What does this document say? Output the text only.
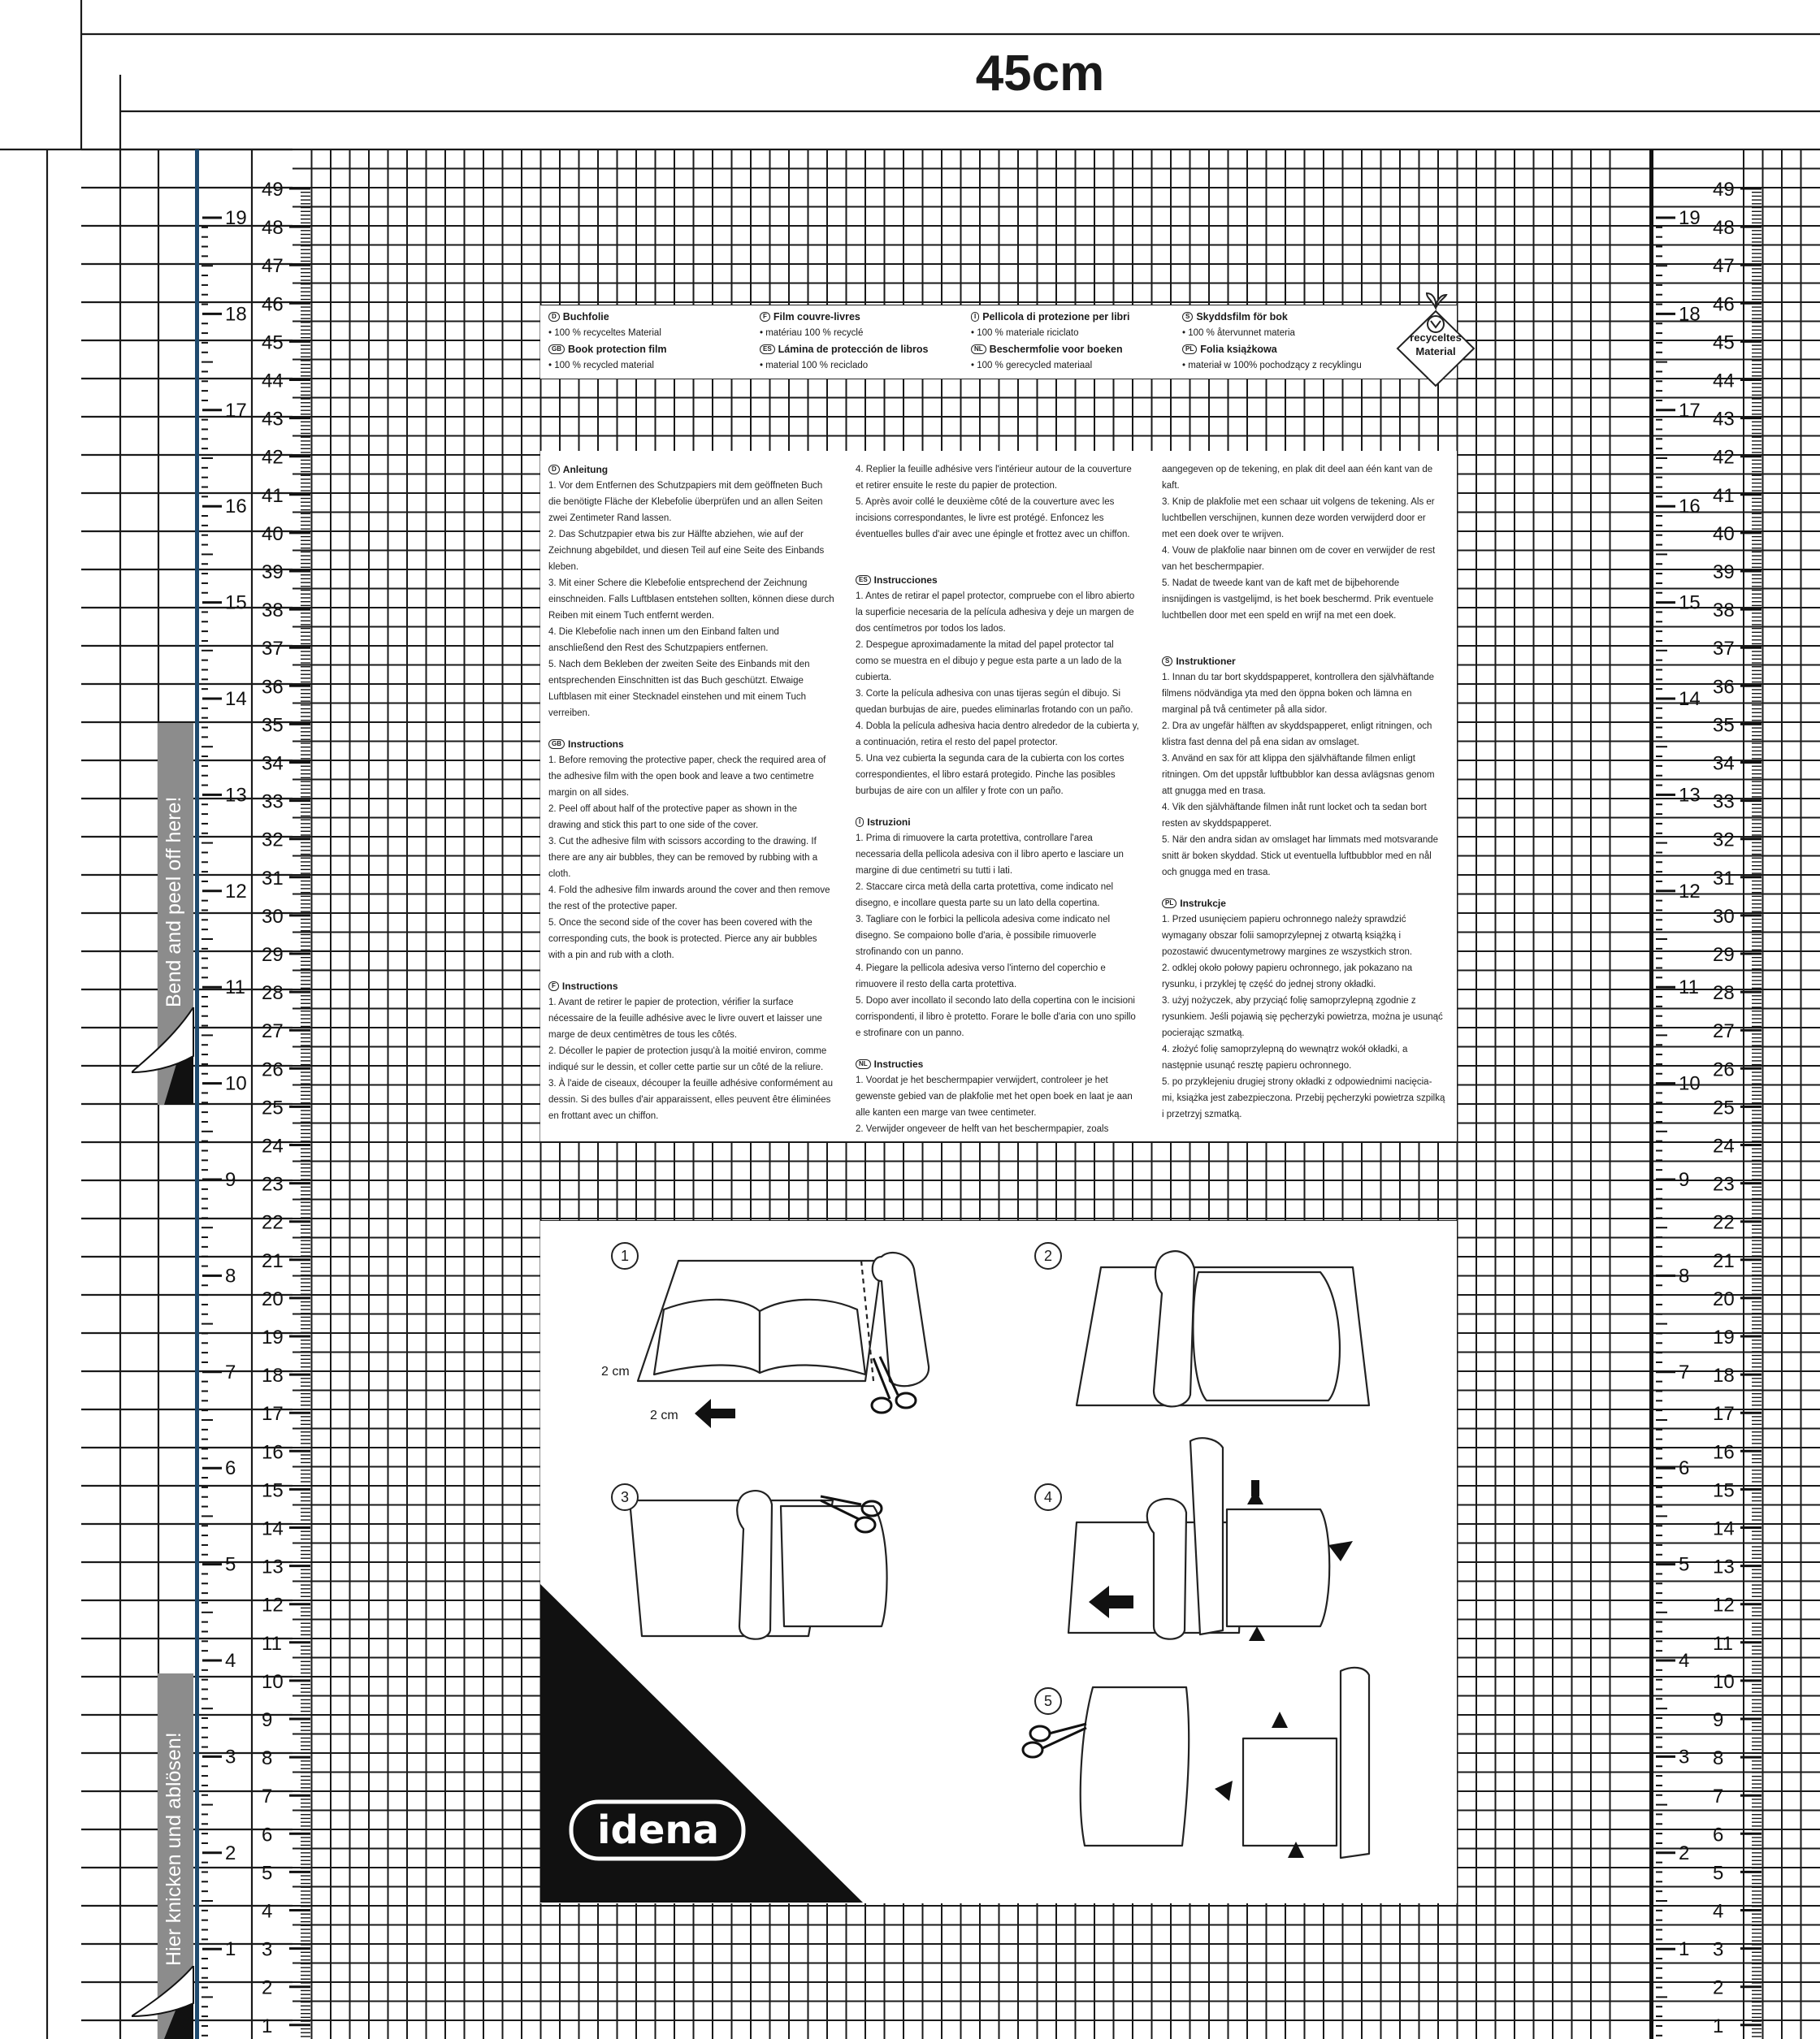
19
18
17
16
15
14
13
12
11
10
9
8
7
6
5
4
3
2
1
49
48
47
46
45
44
43
42
41
40
39
38
37
36
35
34
33
32
31
30
29
28
27
26
25
24
23
22
21
20
19
18
17
16
15
14
13
12
11
10
9
8
7
6
5
4
3
2
1
19
18
17
16
15
14
13
12
11
10
9
8
7
6
5
4
3
2
1
49
48
47
46
45
44
43
42
41
40
39
38
37
36
35
34
33
32
31
30
29
28
27
26
25
24
23
22
21
20
19
18
17
16
15
14
13
12
11
10
9
8
7
6
5
4
3
2
1
45cm
Bend and peel off here!
Hier knicken und ablösen!
D Buchfolie
• 100 % recyceltes Material
GB Book protection film
• 100 % recycled material
F Film couvre-livres
• matériau 100 % recyclé
ES Lámina de protección de libros
• material 100 % reciclado
I Pellicola di protezione per libri
• 100 % materiale riciclato
NL Beschermfolie voor boeken
• 100 % gerecycled materiaal
S Skyddsfilm för bok
• 100 % återvunnet materia
PL Folia książkowa
• materiał w 100% pochodzący z recyklingu
recyceltes
Material
D Anleitung
1. Vor dem Entfernen des Schutzpapiers mit dem geöffneten Buch
die benötigte Fläche der Klebefolie überprüfen und an allen Seiten
zwei Zentimeter Rand lassen.
2. Das Schutzpapier etwa bis zur Hälfte abziehen, wie auf der
Zeichnung abgebildet, und diesen Teil auf eine Seite des Einbands
kleben.
3. Mit einer Schere die Klebefolie entsprechend der Zeichnung
einschneiden. Falls Luftblasen entstehen sollten, können diese durch
Reiben mit einem Tuch entfernt werden.
4. Die Klebefolie nach innen um den Einband falten und
anschließend den Rest des Schutzpapiers entfernen.
5. Nach dem Bekleben der zweiten Seite des Einbands mit den
entsprechenden Einschnitten ist das Buch geschützt. Etwaige
Luftblasen mit einer Stecknadel einstehen und mit einem Tuch
verreiben.
GB Instructions
1. Before removing the protective paper, check the required area of
the adhesive film with the open book and leave a two centimetre
margin on all sides.
2. Peel off about half of the protective paper as shown in the
drawing and stick this part to one side of the cover.
3. Cut the adhesive film with scissors according to the drawing. If
there are any air bubbles, they can be removed by rubbing with a
cloth.
4. Fold the adhesive film inwards around the cover and then remove
the rest of the protective paper.
5. Once the second side of the cover has been covered with the
corresponding cuts, the book is protected. Pierce any air bubbles
with a pin and rub with a cloth.
F Instructions
1. Avant de retirer le papier de protection, vérifier la surface
nécessaire de la feuille adhésive avec le livre ouvert et laisser une
marge de deux centimètres de tous les côtés.
2. Décoller le papier de protection jusqu'à la moitié environ, comme
indiqué sur le dessin, et coller cette partie sur un côté de la reliure.
3. À l'aide de ciseaux, découper la feuille adhésive conformément au
dessin. Si des bulles d'air apparaissent, elles peuvent être éliminées
en frottant avec un chiffon.
4. Replier la feuille adhésive vers l'intérieur autour de la couverture
et retirer ensuite le reste du papier de protection.
5. Après avoir collé le deuxième côté de la couverture avec les
incisions correspondantes, le livre est protégé. Enfoncez les
éventuelles bulles d'air avec une épingle et frottez avec un chiffon.
ES Instrucciones
1. Antes de retirar el papel protector, compruebe con el libro abierto
la superficie necesaria de la película adhesiva y deje un margen de
dos centímetros por todos los lados.
2. Despegue aproximadamente la mitad del papel protector tal
como se muestra en el dibujo y pegue esta parte a un lado de la
cubierta.
3. Corte la película adhesiva con unas tijeras según el dibujo. Si
quedan burbujas de aire, puedes eliminarlas frotando con un paño.
4. Dobla la película adhesiva hacia dentro alrededor de la cubierta y,
a continuación, retira el resto del papel protector.
5. Una vez cubierta la segunda cara de la cubierta con los cortes
correspondientes, el libro estará protegido. Pinche las posibles
burbujas de aire con un alfiler y frote con un paño.
I Istruzioni
1. Prima di rimuovere la carta protettiva, controllare l'area
necessaria della pellicola adesiva con il libro aperto e lasciare un
margine di due centimetri su tutti i lati.
2. Staccare circa metà della carta protettiva, come indicato nel
disegno, e incollare questa parte su un lato della copertina.
3. Tagliare con le forbici la pellicola adesiva come indicato nel
disegno. Se compaiono bolle d'aria, è possibile rimuoverle
strofinando con un panno.
4. Piegare la pellicola adesiva verso l'interno del coperchio e
rimuovere il resto della carta protettiva.
5. Dopo aver incollato il secondo lato della copertina con le incisioni
corrispondenti, il libro è protetto. Forare le bolle d'aria con uno spillo
e strofinare con un panno.
NL Instructies
1. Voordat je het beschermpapier verwijdert, controleer je het
gewenste gebied van de plakfolie met het open boek en laat je aan
alle kanten een marge van twee centimeter.
2. Verwijder ongeveer de helft van het beschermpapier, zoals
aangegeven op de tekening, en plak dit deel aan één kant van de
kaft.
3. Knip de plakfolie met een schaar uit volgens de tekening. Als er
luchtbellen verschijnen, kunnen deze worden verwijderd door er
met een doek over te wrijven.
4. Vouw de plakfolie naar binnen om de cover en verwijder de rest
van het beschermpapier.
5. Nadat de tweede kant van de kaft met de bijbehorende
insnijdingen is vastgelijmd, is het boek beschermd. Prik eventuele
luchtbellen door met een speld en wrijf na met een doek.
S Instruktioner
1. Innan du tar bort skyddspapperet, kontrollera den självhäftande
filmens nödvändiga yta med den öppna boken och lämna en
marginal på två centimeter på alla sidor.
2. Dra av ungefär hälften av skyddspapperet, enligt ritningen, och
klistra fast denna del på ena sidan av omslaget.
3. Använd en sax för att klippa den självhäftande filmen enligt
ritningen. Om det uppstår luftbubblor kan dessa avlägsnas genom
att gnugga med en trasa.
4. Vik den självhäftande filmen inåt runt locket och ta sedan bort
resten av skyddspapperet.
5. När den andra sidan av omslaget har limmats med motsvarande
snitt är boken skyddad. Stick ut eventuella luftbubblor med en nål
och gnugga med en trasa.
PL Instrukcje
1. Przed usunięciem papieru ochronnego należy sprawdzić
wymagany obszar folii samoprzylepnej z otwartą książką i
pozostawić dwucentymetrowy margines ze wszystkich stron.
2. odklej około połowy papieru ochronnego, jak pokazano na
rysunku, i przyklej tę część do jednej strony okładki.
3. użyj nożyczek, aby przyciąć folię samoprzylepną zgodnie z
rysunkiem. Jeśli pojawią się pęcherzyki powietrza, można je usunąć
pocierając szmatką.
4. złożyć folię samoprzylepną do wewnątrz wokół okładki, a
następnie usunąć resztę papieru ochronnego.
5. po przyklejeniu drugiej strony okładki z odpowiednimi nacięcia-
mi, książka jest zabezpieczona. Przebij pęcherzyki powietrza szpilką
i przetrzyj szmatką.
1	2
3	4
5
2 cm
2 cm
idena
